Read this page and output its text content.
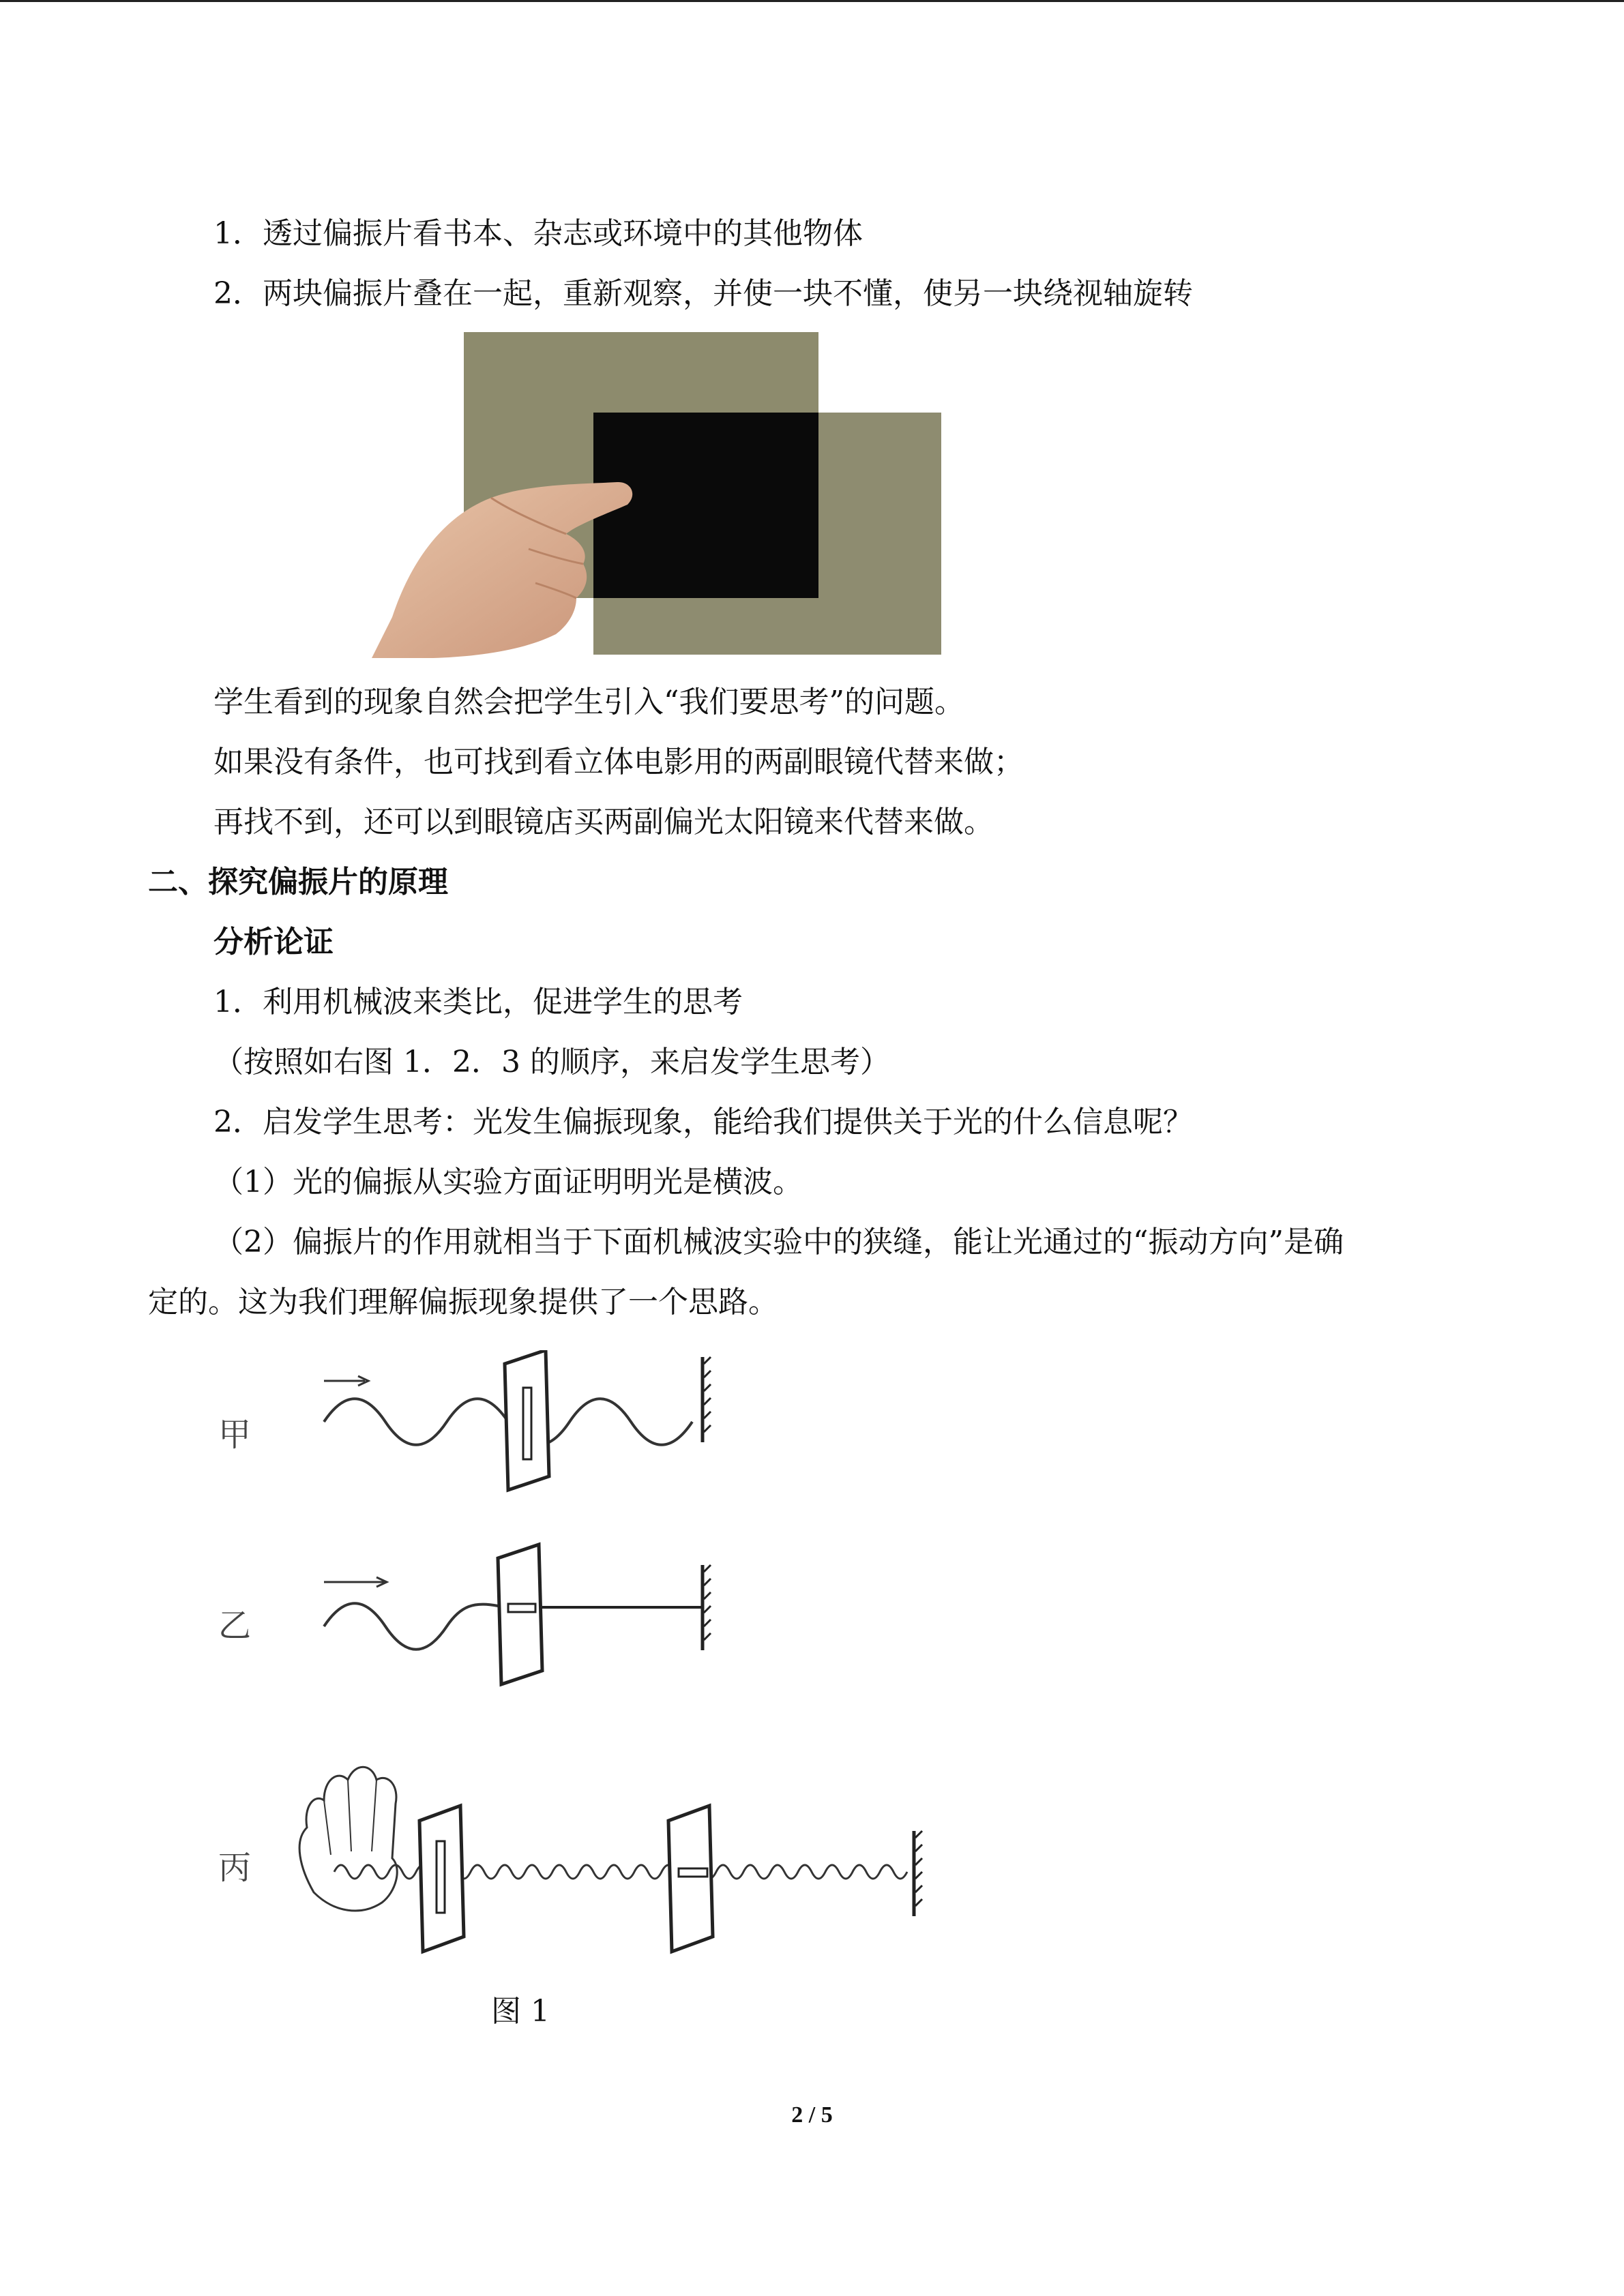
1．透过偏振片看书本、杂志或环境中的其他物体
2．两块偏振片叠在一起，重新观察，并使一块不懂，使另一块绕视轴旋转
学生看到的现象自然会把学生引入“我们要思考”的问题。
如果没有条件，也可找到看立体电影用的两副眼镜代替来做；
再找不到，还可以到眼镜店买两副偏光太阳镜来代替来做。
二、探究偏振片的原理
分析论证
1．利用机械波来类比，促进学生的思考
（按照如右图 1．2．3 的顺序，来启发学生思考）
2．启发学生思考：光发生偏振现象，能给我们提供关于光的什么信息呢？
（1）光的偏振从实验方面证明明光是横波。
（2）偏振片的作用就相当于下面机械波实验中的狭缝，能让光通过的“振动方向”是确
定的。这为我们理解偏振现象提供了一个思路。
甲
乙
丙
图 1
2 / 5
